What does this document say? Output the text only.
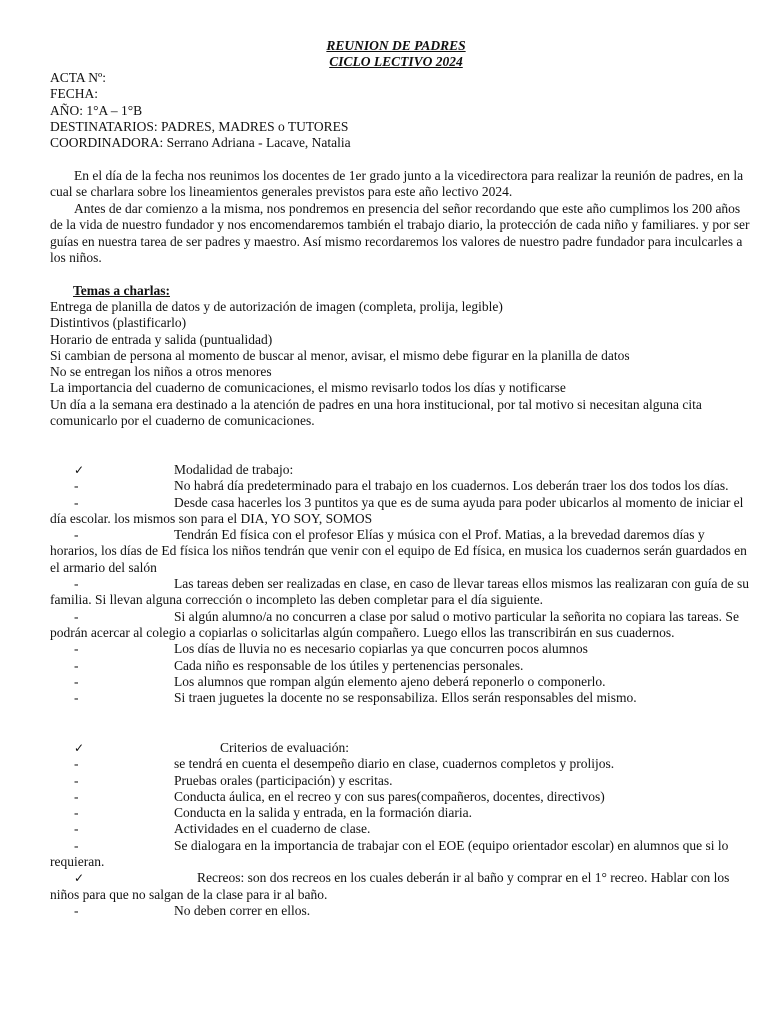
REUNION DE PADRES
CICLO LECTIVO 2024
ACTA Nº:
FECHA:
AÑO: 1°A – 1°B
DESTINATARIOS: PADRES, MADRES o TUTORES
COORDINADORA: Serrano Adriana - Lacave, Natalia
En el día de la fecha nos reunimos los docentes de 1er grado junto a la vicedirectora para realizar la reunión de padres, en la cual se charlara sobre los lineamientos generales previstos para este año lectivo 2024.
Antes de dar comienzo a la misma, nos pondremos en presencia del señor recordando que este año cumplimos los 200 años de la vida de nuestro fundador y nos encomendaremos también el trabajo diario, la protección de cada niño y familiares. y por ser guías en nuestra tarea de ser padres y maestro. Así mismo recordaremos los valores de nuestro padre fundador para inculcarles a los niños.
Temas a charlas:
Entrega de planilla de datos y de autorización de imagen (completa, prolija, legible)
Distintivos (plastificarlo)
Horario de entrada y salida (puntualidad)
Si cambian de persona al momento de buscar al menor, avisar, el mismo debe figurar en la planilla de datos
No se entregan los niños a otros menores
La importancia del cuaderno de comunicaciones, el mismo revisarlo todos los días y notificarse
Un día a la semana era destinado a la atención de padres en una hora institucional, por tal motivo si necesitan alguna cita comunicarlo por el cuaderno de comunicaciones.
✓	Modalidad de trabajo:
-	No habrá día predeterminado para el trabajo en los cuadernos. Los deberán traer los dos todos los días.
-	Desde casa hacerles los 3 puntitos ya que es de suma ayuda para poder ubicarlos al momento de iniciar el día escolar. los mismos son para el DIA, YO SOY, SOMOS
-	Tendrán Ed física con el profesor Elías y música con el Prof. Matias, a la brevedad daremos días y horarios, los días de Ed física los niños tendrán que venir con el equipo de Ed física, en musica los cuadernos serán guardados en el armario del salón
-	Las tareas deben ser realizadas en clase, en caso de llevar tareas ellos mismos las realizaran con guía de su familia. Si llevan alguna corrección o incompleto las deben completar para el día siguiente.
-	Si algún alumno/a no concurren a clase por salud o motivo particular la señorita no copiara las tareas. Se podrán acercar al colegio a copiarlas o solicitarlas algún compañero. Luego ellos las transcribirán en sus cuadernos.
-	Los días de lluvia no es necesario copiarlas ya que concurren pocos alumnos
-	Cada niño es responsable de los útiles y pertenencias personales.
-	Los alumnos que rompan algún elemento ajeno deberá reponerlo o componerlo.
-	Si traen juguetes la docente no se responsabiliza. Ellos serán responsables del mismo.
✓	Criterios de evaluación:
-	se tendrá en cuenta el desempeño diario en clase, cuadernos completos y prolijos.
-	Pruebas orales (participación) y escritas.
-	Conducta áulica, en el recreo y con sus pares(compañeros, docentes, directivos)
-	Conducta en la salida y entrada, en la formación diaria.
-	Actividades en el cuaderno de clase.
-	Se dialogara en la importancia de trabajar con el EOE (equipo orientador escolar) en alumnos que si lo requieran.
✓	Recreos: son dos recreos en los cuales deberán ir al baño y comprar en el 1° recreo. Hablar con los niños para que no salgan de la clase para ir al baño.
-	No deben correr en ellos.
